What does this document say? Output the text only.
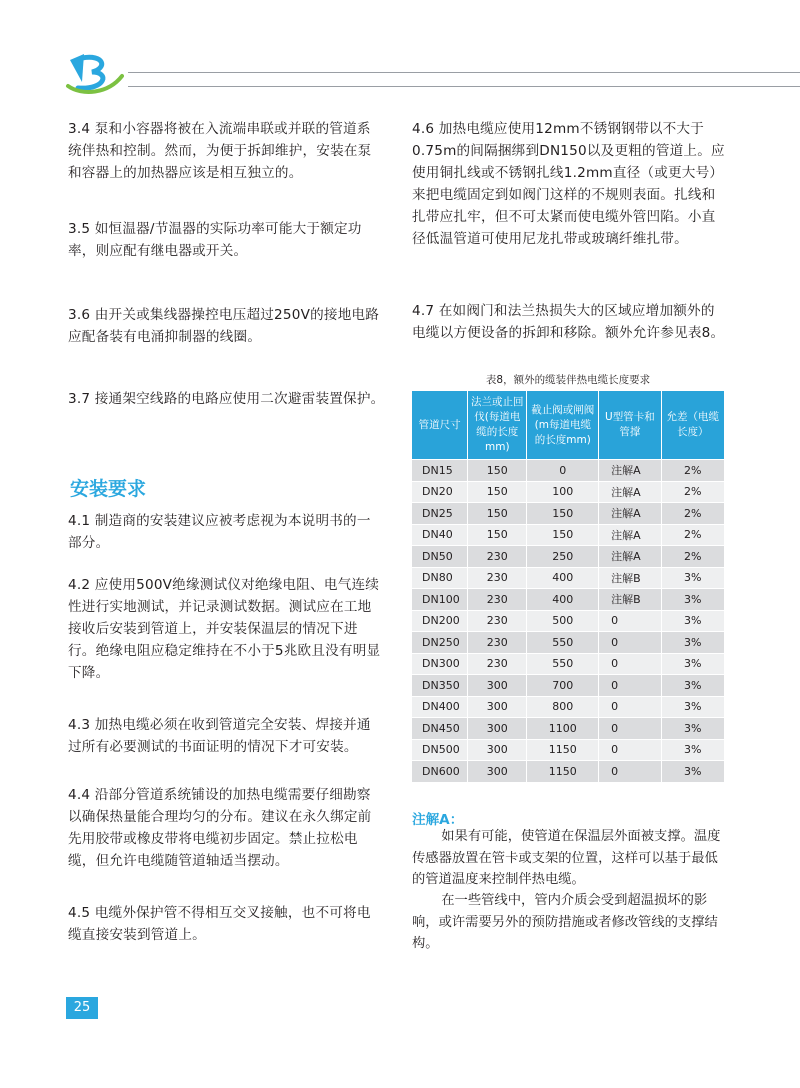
3.4 泵和小容器将被在入流端串联或并联的管道系统伴热和控制。然而，为便于拆卸维护，安装在泵和容器上的加热器应该是相互独立的。

3.5 如恒温器/节温器的实际功率可能大于额定功率，则应配有继电器或开关。

3.6 由开关或集线器操控电压超过250V的接地电路应配备装有电涌抑制器的线圈。

3.7 接通架空线路的电路应使用二次避雷装置保护。

安装要求

4.1 制造商的安装建议应被考虑视为本说明书的一部分。

4.2 应使用500V绝缘测试仪对绝缘电阻、电气连续性进行实地测试，并记录测试数据。测试应在工地接收后安装到管道上，并安装保温层的情况下进行。绝缘电阻应稳定维持在不小于5兆欧且没有明显下降。

4.3 加热电缆必须在收到管道完全安装、焊接并通过所有必要测试的书面证明的情况下才可安装。

4.4 沿部分管道系统铺设的加热电缆需要仔细勘察以确保热量能合理均匀的分布。建议在永久绑定前先用胶带或橡皮带将电缆初步固定。禁止拉松电缆，但允许电缆随管道轴适当摆动。

4.5 电缆外保护管不得相互交叉接触，也不可将电缆直接安装到管道上。

4.6 加热电缆应使用12mm不锈钢钢带以不大于0.75m的间隔捆绑到DN150以及更粗的管道上。应使用铜扎线或不锈钢扎线1.2mm直径（或更大号）来把电缆固定到如阀门这样的不规则表面。扎线和扎带应扎牢，但不可太紧而使电缆外管凹陷。小直径低温管道可使用尼龙扎带或玻璃纤维扎带。

4.7 在如阀门和法兰热损失大的区域应增加额外的电缆以方便设备的拆卸和移除。额外允许参见表8。

表8，额外的缆装伴热电缆长度要求
管道尺寸	法兰或止回伐(每道电缆的长度mm)	截止阀或闸阀(m每道电缆的长度mm)	U型管卡和管撑	允差（电缆长度）
DN15	150	0	注解A	2%
DN20	150	100	注解A	2%
DN25	150	150	注解A	2%
DN40	150	150	注解A	2%
DN50	230	250	注解A	2%
DN80	230	400	注解B	3%
DN100	230	400	注解B	3%
DN200	230	500	0	3%
DN250	230	550	0	3%
DN300	230	550	0	3%
DN350	300	700	0	3%
DN400	300	800	0	3%
DN450	300	1100	0	3%
DN500	300	1150	0	3%
DN600	300	1150	0	3%
注解A：

如果有可能，使管道在保温层外面被支撑。温度传感器放置在管卡或支架的位置，这样可以基于最低的管道温度来控制伴热电缆。

在一些管线中，管内介质会受到超温损坏的影响，或许需要另外的预防措施或者修改管线的支撑结构。

25
